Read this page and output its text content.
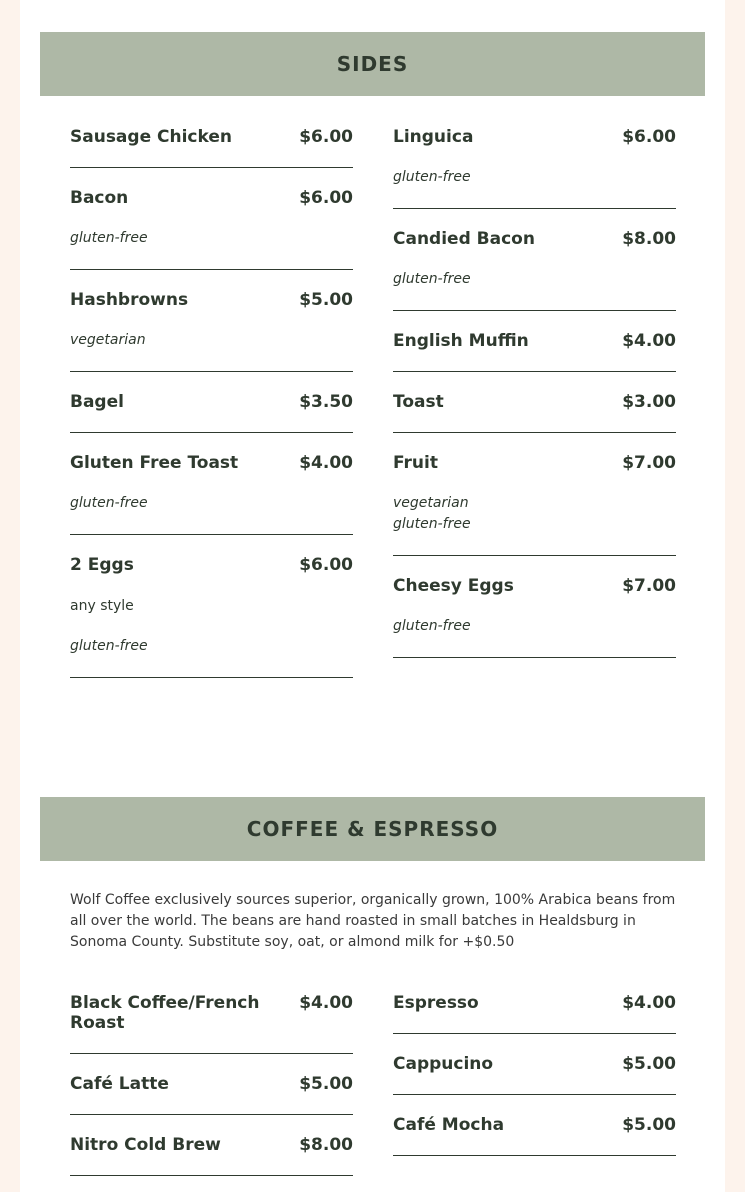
SIDES
Sausage Chicken	$6.00
Bacon	$6.00
gluten-free
Hashbrowns	$5.00
vegetarian
Bagel	$3.50
Gluten Free Toast	$4.00
gluten-free
2 Eggs	$6.00
any style
gluten-free
Linguica	$6.00
gluten-free
Candied Bacon	$8.00
gluten-free
English Muffin	$4.00
Toast	$3.00
Fruit	$7.00
vegetarian
gluten-free
Cheesy Eggs	$7.00
gluten-free
COFFEE & ESPRESSO
Wolf Coffee exclusively sources superior, organically grown, 100% Arabica beans from all over the world. The beans are hand roasted in small batches in Healdsburg in Sonoma County. Substitute soy, oat, or almond milk for +$0.50
Black Coffee/French Roast
$4.00
Café Latte	$5.00
Nitro Cold Brew	$8.00
Espresso	$4.00
Cappucino	$5.00
Café Mocha	$5.00
